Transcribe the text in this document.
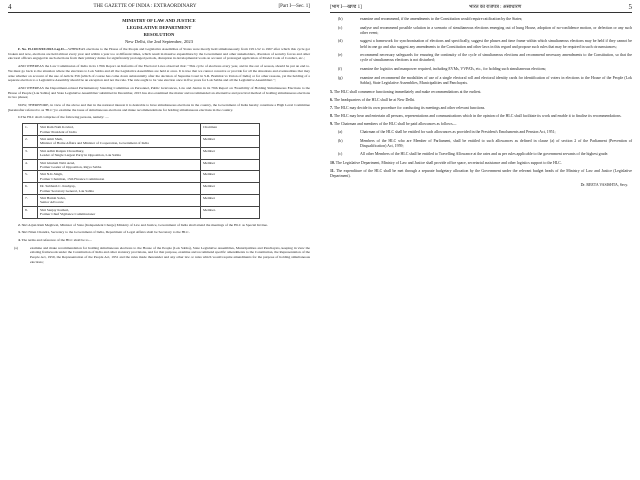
4	THE GAZETTE OF INDIA : EXTRAORDINARY	[Part I—Sec. 1]
MINISTRY OF LAW AND JUSTICE
LEGISLATIVE DEPARTMENT
RESOLUTION
New Delhi, the 2nd September, 2023
F. No. H-11019/03/2023-Leg.II.—WHEREAS elections to the House of the People and Legislative Assemblies of States were mostly held simultaneously from 1951-52 to 1967 after which this cycle got broken and now, elections are held almost every year and within a year too at different times, which result in massive expenditure by the Government and other stakeholders, diversion of security forces and other electoral officers engaged in such elections from their primary duties for significantly prolonged periods, disruption in developmental work on account of prolonged application of Model Code of Conduct, etc.;
AND WHEREAS the Law Commission of India in its 170th Report on Reforms of the Electoral Laws observed that: "This cycle of elections every year, and in the out of season, should be put an end to. We must go back to the situation where the elections to Lok Sabha and all the Legislative Assemblies are held at once. It is true that we cannot conceive or provide for all the situations and eventualities that may arise whether on account of the use of Article 356 (which of course has come down substantially after the decision of Supreme Court in S.R. Bommai vs Union of India) or for other reasons, yet the holding of a separate election to a Legislative Assembly should be an exception and not the rule. The rule ought to be 'one election once in five years for Lok Sabha and all the Legislative Assemblies'.";
AND WHEREAS the Department-related Parliamentary Standing Committee on Personnel, Public Grievances, Law and Justice in its 79th Report on 'Feasibility of Holding Simultaneous Elections to the House of People (Lok Sabha) and State Legislative Assemblies' submitted in December, 2015 has also examined the matter and recommended an alternative and practical method of holding simultaneous elections in two phases;
NOW, THEREFORE, in view of the above and that in the national interest it is desirable to have simultaneous elections in the country, the Government of India hereby constitute a High Level Committee [hereinafter referred to as 'HLC'] to examine the issue of simultaneous elections and make recommendations for holding simultaneous elections in the country.
1.The HLC shall comprise of the following persons, namely: —
1.	Shri Ram Nath Kovind,
Former President of India	Chairman
2.	Shri Amit Shah,
Minister of Home Affairs and Minister of Cooperation, Government of India	Member
3.	Shri Adhir Ranjan Chowdhury,
Leader of Single Largest Party in Opposition, Lok Sabha	Member
4.	Shri Ghulam Nabi Azad,
Former Leader of Opposition, Rajya Sabha	Member
5.	Shri N.K.Singh,
Former Chairman, 15th Finance Commission	Member
6.	Dr. Subhash C. Kashyap,
Former Secretary General, Lok Sabha	Member
7.	Shri Harish Salve,
Senior Advocate	Member
8.	Shri Sanjay Kothari,
Former Chief Vigilance Commissioner	Member.
2. Shri Arjun Ram Meghwal, Minister of State (Independent Charge) Ministry of Law and Justice, Government of India shall attend the meetings of the HLC as Special Invitee.
3. Shri Niten Chandra, Secretary to the Government of India, Department of Legal Affairs shall be Secretary to the HLC.
4. The terms and reference of the HLC shall be to—
(a)	examine and make recommendation for holding simultaneous elections to the House of the People (Lok Sabha), State Legislative Assemblies, Municipalities and Panchayats, keeping in view the existing framework under the Constitution of India and other statutory provisions, and for that purpose, examine and recommend specific amendments to the Constitution, the Representation of the People Act, 1950, the Representation of the People Act, 1951 and the rules made thereunder and any other law or rules which would require amendments for the purpose of holding simultaneous elections;
[भाग I—खण्ड 1]	भारत का राजपत्र : असाधारण	5
(b)	examine and recommend, if the amendments to the Constitution would require ratification by the States;
(c)	analyse and recommend possible solution in a scenario of simultaneous elections emerging out of hung House, adoption of no-confidence motion, or defection or any such other event;
(d)	suggest a framework for synchronisation of elections and specifically, suggest the phases and time frame within which simultaneous elections may be held if they cannot be held in one go and also suggest any amendments to the Constitution and other laws in this regard and propose such rules that may be required in such circumstances;
(e)	recommend necessary safeguards for ensuring the continuity of the cycle of simultaneous elections and recommend necessary amendments to the Constitution, so that the cycle of simultaneous elections is not disturbed;
(f)	examine the logistics and manpower required, including EVMs, VVPATs, etc., for holding such simultaneous elections;
(g)	examine and recommend the modalities of use of a single electoral roll and electoral identity cards for identification of voters in elections to the House of the People (Lok Sabha), State Legislative Assemblies, Municipalities and Panchayats.
5. The HLC shall commence functioning immediately and make recommendations at the earliest.
6. The headquarters of the HLC shall be at New Delhi.
7. The HLC may decide its own procedure for conducting its meetings and other relevant functions.
8. The HLC may hear and entertain all persons, representations and communications which in the opinion of the HLC shall facilitate its work and enable it to finalise its recommendations.
9. The Chairman and members of the HLC shall be paid allowances as follows—
(a)	Chairman of the HLC shall be entitled for such allowances as provided in the President's Emoluments and Pension Act, 1951;
(b)	Members of the HLC who are Member of Parliament, shall be entitled to such allowances as defined in clause (a) of section 2 of the Parliament (Prevention of Disqualification) Act, 1959;
(c)	All other Members of the HLC shall be entitled to Travelling Allowance at the rates and as per rules applicable to the government servants of the highest grade.
10. The Legislative Department, Ministry of Law and Justice shall provide office space, secretarial assistance and other logistics support to the HLC.
11. The expenditure of the HLC shall be met through a separate budgetary allocation by the Government under the relevant budget heads of the Ministry of Law and Justice (Legislative Department).
Dr. REETA VASISHTA, Secy.
